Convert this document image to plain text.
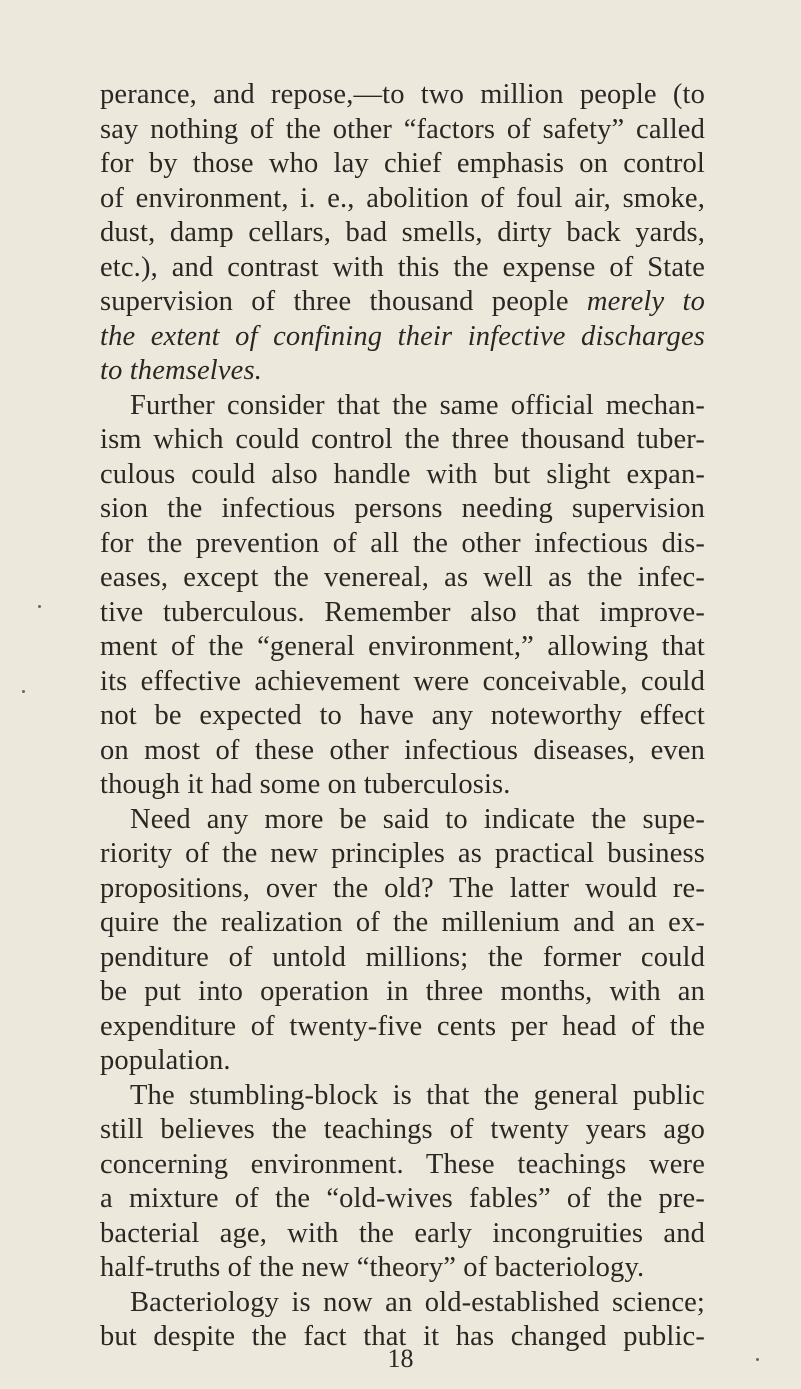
perance, and repose,—to two million people (to
say nothing of the other “factors of safety” called
for by those who lay chief emphasis on control
of environment, i. e., abolition of foul air, smoke,
dust, damp cellars, bad smells, dirty back yards,
etc.), and contrast with this the expense of State
supervision of three thousand people merely to
the extent of confining their infective discharges
to themselves.
Further consider that the same official mechan-
ism which could control the three thousand tuber-
culous could also handle with but slight expan-
sion the infectious persons needing supervision
for the prevention of all the other infectious dis-
eases, except the venereal, as well as the infec-
tive tuberculous. Remember also that improve-
ment of the “general environment,” allowing that
its effective achievement were conceivable, could
not be expected to have any noteworthy effect
on most of these other infectious diseases, even
though it had some on tuberculosis.
Need any more be said to indicate the supe-
riority of the new principles as practical business
propositions, over the old? The latter would re-
quire the realization of the millenium and an ex-
penditure of untold millions; the former could
be put into operation in three months, with an
expenditure of twenty-five cents per head of the
population.
The stumbling-block is that the general public
still believes the teachings of twenty years ago
concerning environment. These teachings were
a mixture of the “old-wives fables” of the pre-
bacterial age, with the early incongruities and
half-truths of the new “theory” of bacteriology.
Bacteriology is now an old-established science;
but despite the fact that it has changed public-
18
